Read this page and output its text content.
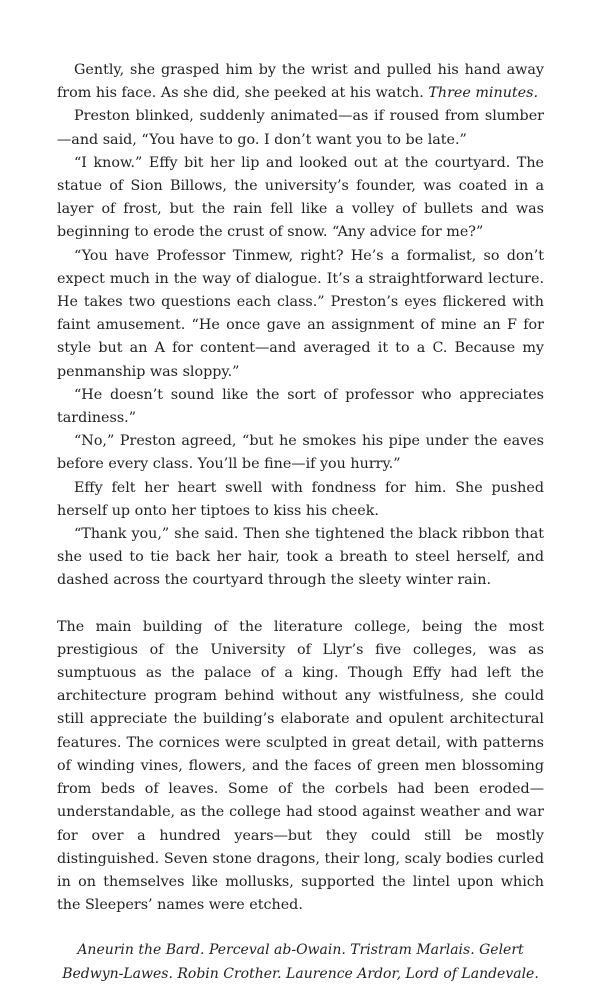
Gently, she grasped him by the wrist and pulled his hand away from his face. As she did, she peeked at his watch. Three minutes.

Preston blinked, suddenly animated—as if roused from slumber—and said, “You have to go. I don’t want you to be late.”

“I know.” Effy bit her lip and looked out at the courtyard. The statue of Sion Billows, the university’s founder, was coated in a layer of frost, but the rain fell like a volley of bullets and was beginning to erode the crust of snow. “Any advice for me?”

“You have Professor Tinmew, right? He’s a formalist, so don’t expect much in the way of dialogue. It’s a straightforward lecture. He takes two questions each class.” Preston’s eyes flickered with faint amusement. “He once gave an assignment of mine an F for style but an A for content—and averaged it to a C. Because my penmanship was sloppy.”

“He doesn’t sound like the sort of professor who appreciates tardiness.”

“No,” Preston agreed, “but he smokes his pipe under the eaves before every class. You’ll be fine—if you hurry.”

Effy felt her heart swell with fondness for him. She pushed herself up onto her tiptoes to kiss his cheek.

“Thank you,” she said. Then she tightened the black ribbon that she used to tie back her hair, took a breath to steel herself, and dashed across the courtyard through the sleety winter rain.

The main building of the literature college, being the most prestigious of the University of Llyr’s five colleges, was as sumptuous as the palace of a king. Though Effy had left the architecture program behind without any wistfulness, she could still appreciate the building’s elaborate and opulent architectural features. The cornices were sculpted in great detail, with patterns of winding vines, flowers, and the faces of green men blossoming from beds of leaves. Some of the corbels had been eroded—understandable, as the college had stood against weather and war for over a hundred years—but they could still be mostly distinguished. Seven stone dragons, their long, scaly bodies curled in on themselves like mollusks, supported the lintel upon which the Sleepers’ names were etched.

Aneurin the Bard. Perceval ab-Owain. Tristram Marlais. Gelert
Bedwyn-Lawes. Robin Crother. Laurence Ardor, Lord of Landevale.
